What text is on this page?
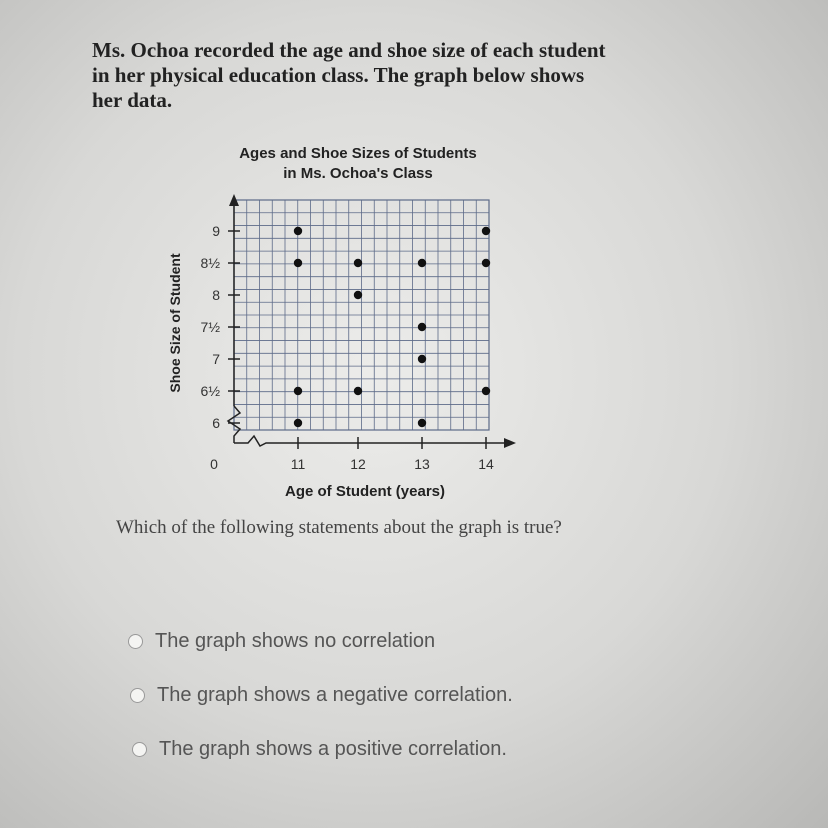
Ms. Ochoa recorded the age and shoe size of each student in her physical education class. The graph below shows her data.
Ages and Shoe Sizes of Students
in Ms. Ochoa's Class
0	11	12	13	14
6
6½
7
7½
8
8½
9
Age of Student (years)
Shoe Size of Student
Which of the following statements about the graph is true?
The graph shows no correlation
The graph shows a negative correlation.
The graph shows a positive correlation.
